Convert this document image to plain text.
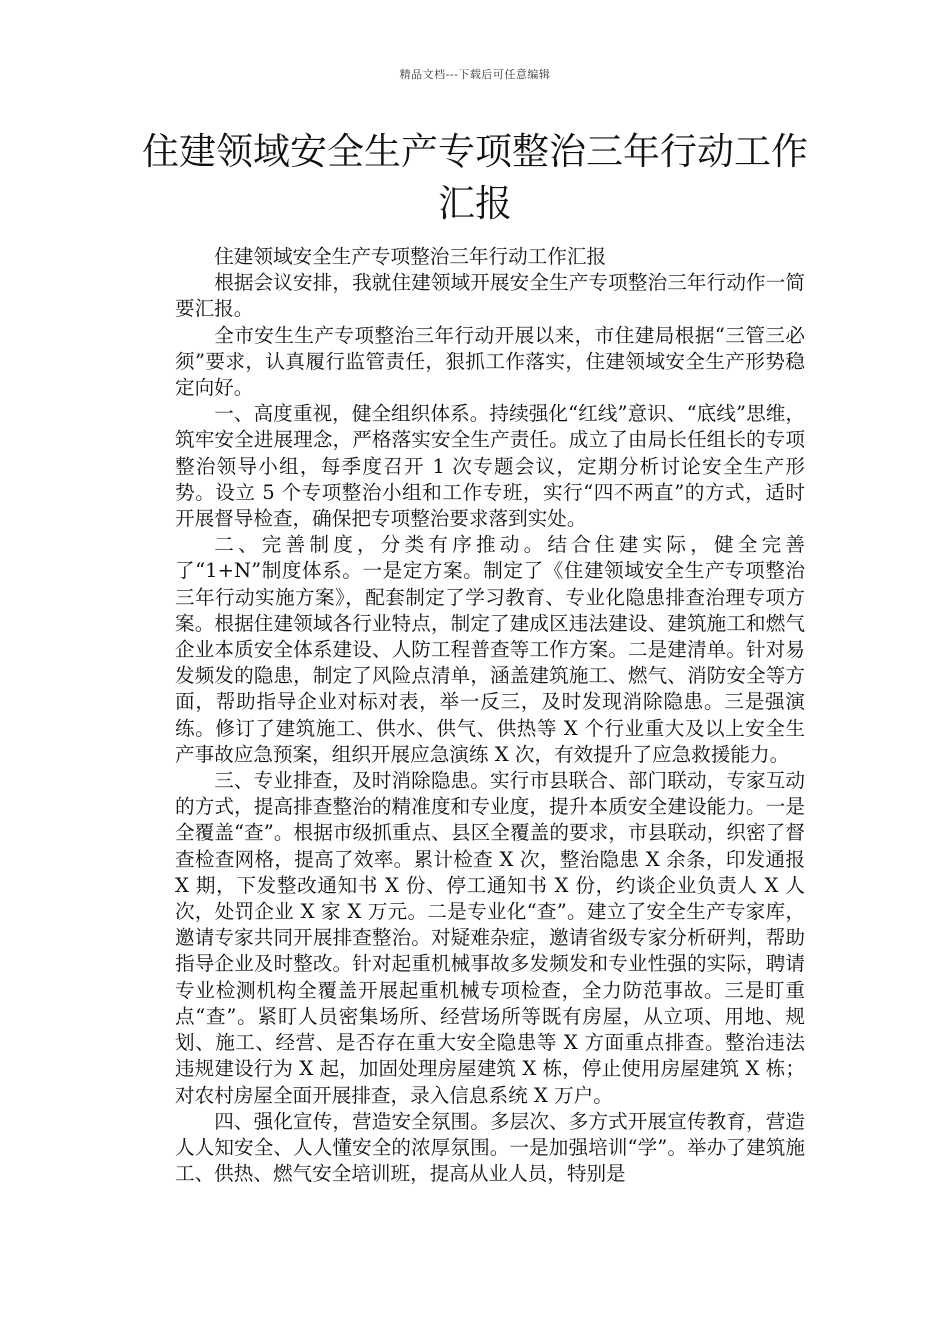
精品文档---下载后可任意编辑
住建领域安全生产专项整治三年行动工作汇报

住建领域安全生产专项整治三年行动工作汇报

根据会议安排，我就住建领域开展安全生产专项整治三年行动作一简要汇报。

全市安生生产专项整治三年行动开展以来，市住建局根据“三管三必须”要求，认真履行监管责任，狠抓工作落实，住建领域安全生产形势稳定向好。

一、高度重视，健全组织体系。持续强化“红线”意识、“底线”思维，筑牢安全进展理念，严格落实安全生产责任。成立了由局长任组长的专项整治领导小组，每季度召开 1 次专题会议，定期分析讨论安全生产形势。设立 5 个专项整治小组和工作专班，实行“四不两直”的方式，适时开展督导检查，确保把专项整治要求落到实处。

二、完善制度，分类有序推动。结合住建实际，健全完善了“1+N”制度体系。一是定方案。制定了《住建领域安全生产专项整治三年行动实施方案》，配套制定了学习教育、专业化隐患排查治理专项方案。根据住建领域各行业特点，制定了建成区违法建设、建筑施工和燃气企业本质安全体系建设、人防工程普查等工作方案。二是建清单。针对易发频发的隐患，制定了风险点清单，涵盖建筑施工、燃气、消防安全等方面，帮助指导企业对标对表，举一反三，及时发现消除隐患。三是强演练。修订了建筑施工、供水、供气、供热等 X 个行业重大及以上安全生产事故应急预案，组织开展应急演练 X 次，有效提升了应急救援能力。

三、专业排查，及时消除隐患。实行市县联合、部门联动，专家互动的方式，提高排查整治的精准度和专业度，提升本质安全建设能力。一是全覆盖“查”。根据市级抓重点、县区全覆盖的要求，市县联动，织密了督查检查网格，提高了效率。累计检查 X 次，整治隐患 X 余条，印发通报 X 期，下发整改通知书 X 份、停工通知书 X 份，约谈企业负责人 X 人次，处罚企业 X 家 X 万元。二是专业化“查”。建立了安全生产专家库，邀请专家共同开展排查整治。对疑难杂症，邀请省级专家分析研判，帮助指导企业及时整改。针对起重机械事故多发频发和专业性强的实际，聘请专业检测机构全覆盖开展起重机械专项检查，全力防范事故。三是盯重点“查”。紧盯人员密集场所、经营场所等既有房屋，从立项、用地、规划、施工、经营、是否存在重大安全隐患等 X 方面重点排查。整治违法违规建设行为 X 起，加固处理房屋建筑 X 栋，停止使用房屋建筑 X 栋；对农村房屋全面开展排查，录入信息系统 X 万户。

四、强化宣传，营造安全氛围。多层次、多方式开展宣传教育，营造人人知安全、人人懂安全的浓厚氛围。一是加强培训“学”。举办了建筑施工、供热、燃气安全培训班，提高从业人员，特别是
